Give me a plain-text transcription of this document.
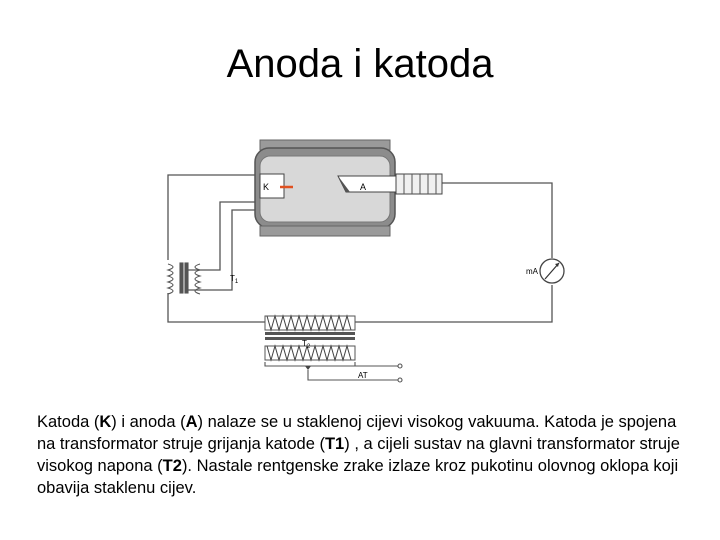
Anoda i katoda
K	A
$T_1$
mA
$T_2$
AT
Katoda (K) i anoda (A) nalaze se u staklenoj cijevi visokog vakuuma. Katoda je spojena na transformator struje grijanja katode (T1) , a cijeli sustav na glavni transformator struje visokog napona (T2). Nastale rentgenske zrake izlaze kroz pukotinu olovnog oklopa koji obavija staklenu cijev.
